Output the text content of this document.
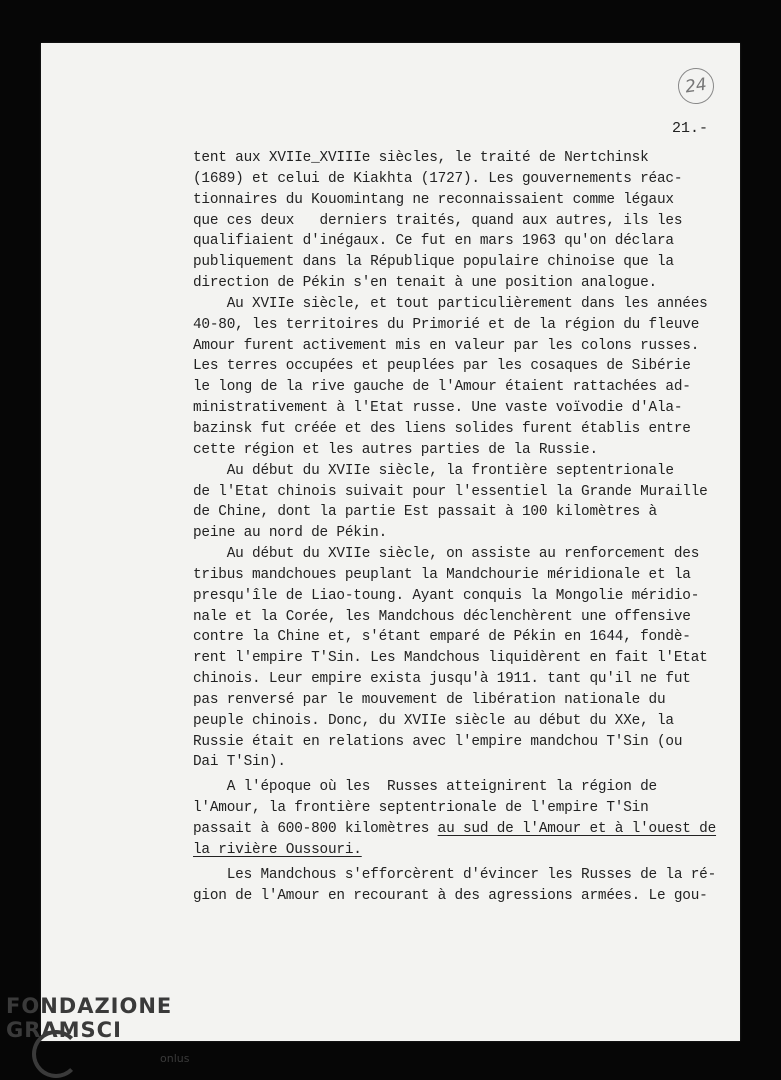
24
21.-
tent aux XVIIe_XVIIIe siècles, le traité de Nertchinsk
(1689) et celui de Kiakhta (1727). Les gouvernements réac-
tionnaires du Kouomintang ne reconnaissaient comme légaux
que ces deux   derniers traités, quand aux autres, ils les
qualifiaient d'inégaux. Ce fut en mars 1963 qu'on déclara
publiquement dans la République populaire chinoise que la
direction de Pékin s'en tenait à une position analogue.
Au XVIIe siècle, et tout particulièrement dans les années
40-80, les territoires du Primorié et de la région du fleuve
Amour furent activement mis en valeur par les colons russes.
Les terres occupées et peuplées par les cosaques de Sibérie
le long de la rive gauche de l'Amour étaient rattachées ad-
ministrativement à l'Etat russe. Une vaste voïvodie d'Ala-
bazinsk fut créée et des liens solides furent établis entre
cette région et les autres parties de la Russie.
Au début du XVIIe siècle, la frontière septentrionale
de l'Etat chinois suivait pour l'essentiel la Grande Muraille
de Chine, dont la partie Est passait à 100 kilomètres à
peine au nord de Pékin.
Au début du XVIIe siècle, on assiste au renforcement des
tribus mandchoues peuplant la Mandchourie méridionale et la
presqu'île de Liao-toung. Ayant conquis la Mongolie méridio-
nale et la Corée, les Mandchous déclenchèrent une offensive
contre la Chine et, s'étant emparé de Pékin en 1644, fondè-
rent l'empire T'Sin. Les Mandchous liquidèrent en fait l'Etat
chinois. Leur empire exista jusqu'à 1911. tant qu'il ne fut
pas renversé par le mouvement de libération nationale du
peuple chinois. Donc, du XVIIe siècle au début du XXe, la
Russie était en relations avec l'empire mandchou T'Sin (ou
Dai T'Sin).
A l'époque où les  Russes atteignirent la région de
l'Amour, la frontière septentrionale de l'empire T'Sin
passait à 600-800 kilomètres au sud de l'Amour et à l'ouest de
la rivière Oussouri.
Les Mandchous s'efforcèrent d'évincer les Russes de la ré-
gion de l'Amour en recourant à des agressions armées. Le gou-
FONDAZIONE
GRAMSCI
onlus
